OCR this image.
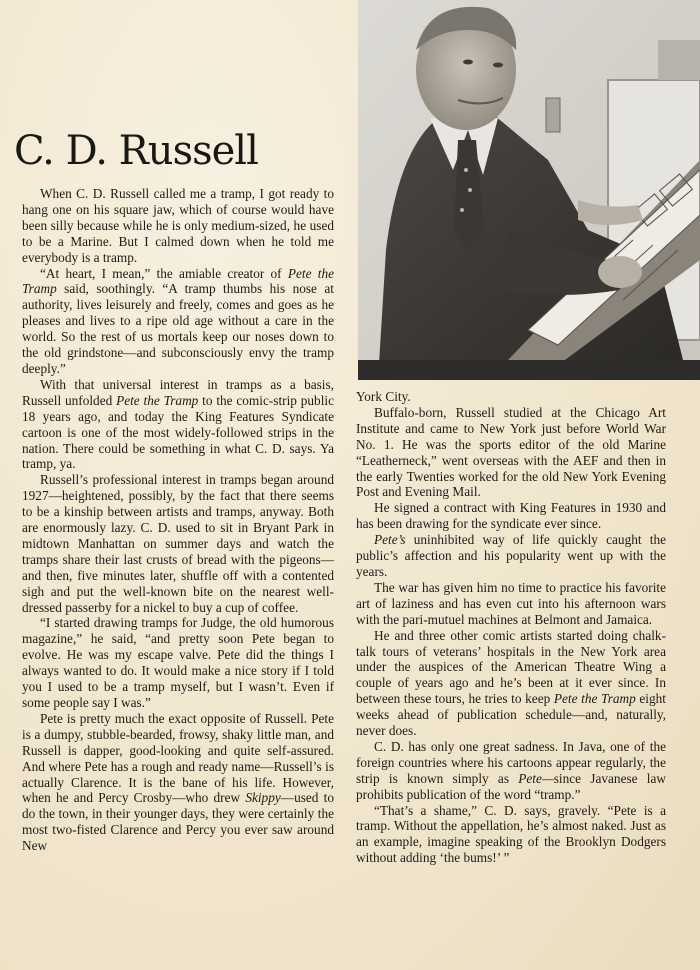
C. D. Russell

When C. D. Russell called me a tramp, I got ready to hang one on his square jaw, which of course would have been silly because while he is only medium-sized, he used to be a Marine. But I calmed down when he told me everybody is a tramp.

“At heart, I mean,” the amiable creator of Pete the Tramp said, soothingly. “A tramp thumbs his nose at authority, lives leisurely and freely, comes and goes as he pleases and lives to a ripe old age without a care in the world. So the rest of us mortals keep our noses down to the old grindstone—and subconsciously envy the tramp deeply.”

With that universal interest in tramps as a basis, Russell unfolded Pete the Tramp to the comic-strip public 18 years ago, and today the King Features Syndicate cartoon is one of the most widely-followed strips in the nation. There could be something in what C. D. says. Ya tramp, ya.

Russell’s professional interest in tramps began around 1927—heightened, possibly, by the fact that there seems to be a kinship between artists and tramps, anyway. Both are enormously lazy. C. D. used to sit in Bryant Park in midtown Manhattan on summer days and watch the tramps share their last crusts of bread with the pigeons—and then, five minutes later, shuffle off with a contented sigh and put the well-known bite on the nearest well-dressed passerby for a nickel to buy a cup of coffee.

“I started drawing tramps for Judge, the old humorous magazine,” he said, “and pretty soon Pete began to evolve. He was my escape valve. Pete did the things I always wanted to do. It would make a nice story if I told you I used to be a tramp myself, but I wasn’t. Even if some people say I was.”

Pete is pretty much the exact opposite of Russell. Pete is a dumpy, stubble-bearded, frowsy, shaky little man, and Russell is dapper, good-looking and quite self-assured. And where Pete has a rough and ready name—Russell’s is actually Clarence. It is the bane of his life. However, when he and Percy Crosby—who drew Skippy—used to do the town, in their younger days, they were certainly the most two-fisted Clarence and Percy you ever saw around New

York City.

Buffalo-born, Russell studied at the Chicago Art Institute and came to New York just before World War No. 1. He was the sports editor of the old Marine “Leatherneck,” went overseas with the AEF and then in the early Twenties worked for the old New York Evening Post and Evening Mail.

He signed a contract with King Features in 1930 and has been drawing for the syndicate ever since.

Pete’s uninhibited way of life quickly caught the public’s affection and his popularity went up with the years.

The war has given him no time to practice his favorite art of laziness and has even cut into his afternoon wars with the pari-mutuel machines at Belmont and Jamaica.

He and three other comic artists started doing chalk-talk tours of veterans’ hospitals in the New York area under the auspices of the American Theatre Wing a couple of years ago and he’s been at it ever since. In between these tours, he tries to keep Pete the Tramp eight weeks ahead of publication schedule—and, naturally, never does.

C. D. has only one great sadness. In Java, one of the foreign countries where his cartoons appear regularly, the strip is known simply as Pete—since Javanese law prohibits publication of the word “tramp.”

“That’s a shame,” C. D. says, gravely. “Pete is a tramp. Without the appellation, he’s almost naked. Just as an example, imagine speaking of the Brooklyn Dodgers without adding ‘the bums!’ ”
